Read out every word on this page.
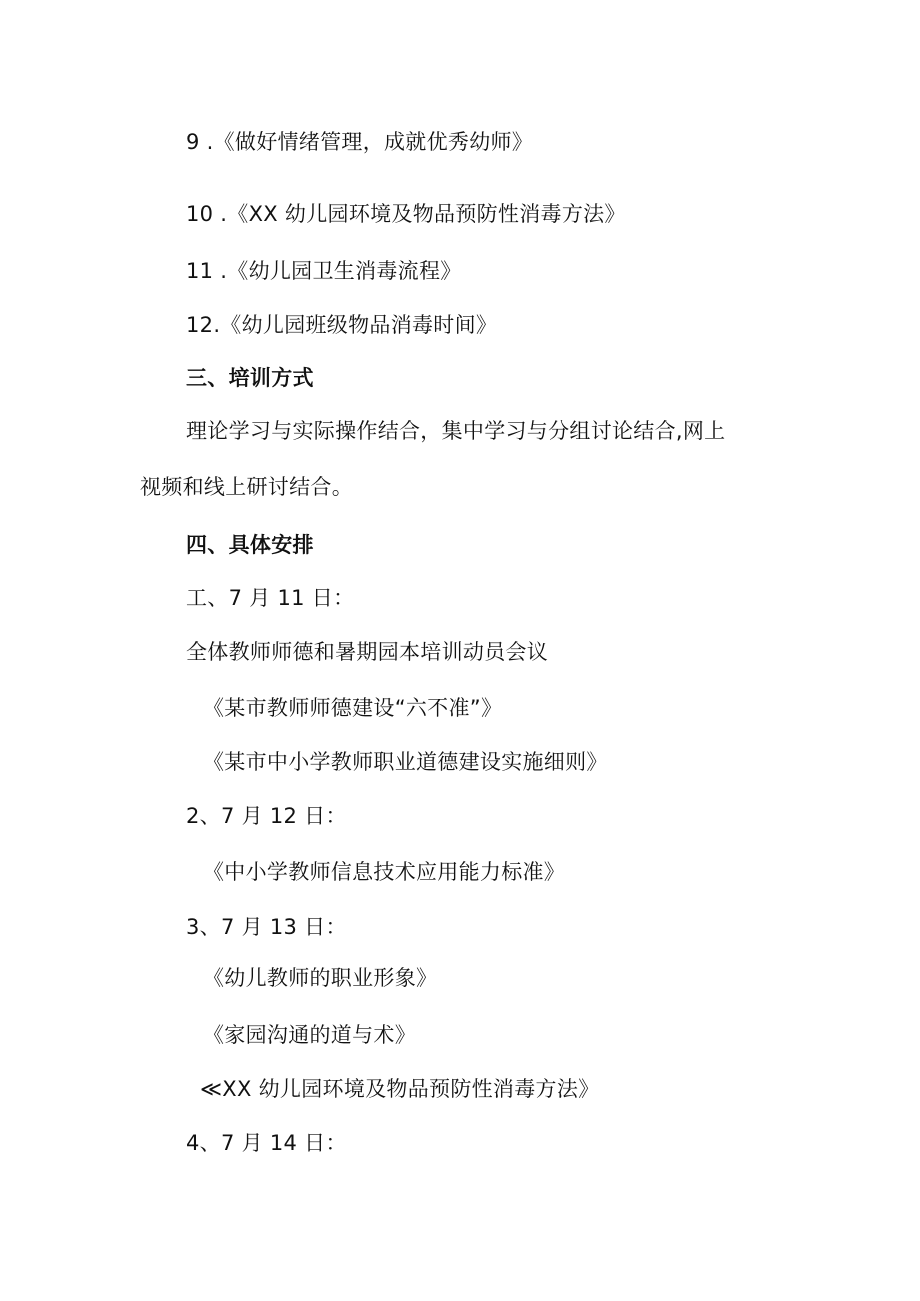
9 .《做好情绪管理，成就优秀幼师》
10 .《XX 幼儿园环境及物品预防性消毒方法》
11 .《幼儿园卫生消毒流程》
12.《幼儿园班级物品消毒时间》
三、培训方式
理论学习与实际操作结合，集中学习与分组讨论结合,网上
视频和线上研讨结合。
四、具体安排
工、7 月 11 日：
全体教师师德和暑期园本培训动员会议
《某市教师师德建设“六不准”》
《某市中小学教师职业道德建设实施细则》
2、7 月 12 日：
《中小学教师信息技术应用能力标准》
3、7 月 13 日：
《幼儿教师的职业形象》
《家园沟通的道与术》
≪XX 幼儿园环境及物品预防性消毒方法》
4、7 月 14 日：
